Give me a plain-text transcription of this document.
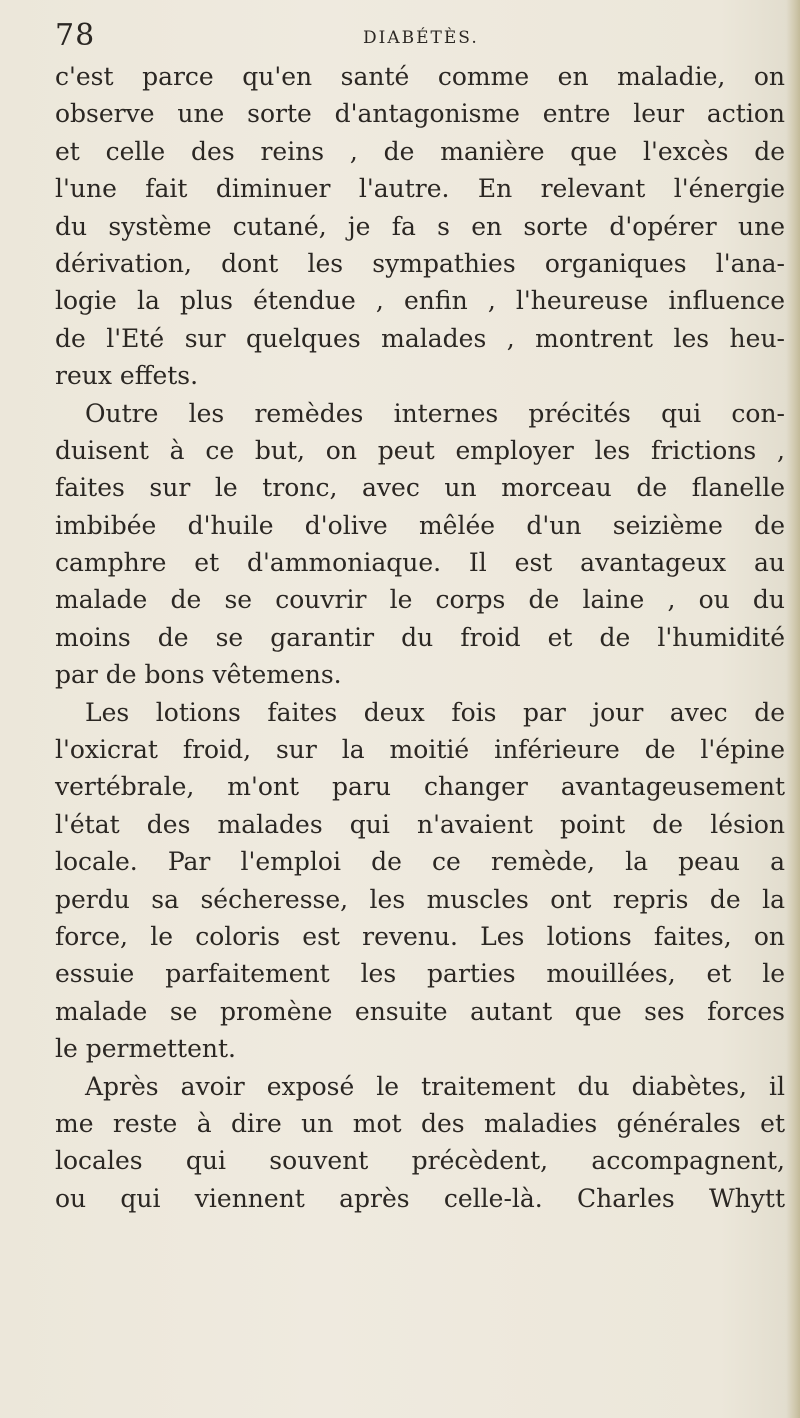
78	DIABÉTÈS.
c'est parce qu'en santé comme en maladie, on
observe une sorte d'antagonisme entre leur action
et celle des reins , de manière que l'excès de
l'une fait diminuer l'autre. En relevant l'énergie
du système cutané, je fa s en sorte d'opérer une
dérivation, dont les sympathies organiques l'ana-
logie la plus étendue , enfin , l'heureuse influence
de l'Eté sur quelques malades , montrent les heu-
reux effets.
Outre les remèdes internes précités qui con-
duisent à ce but, on peut employer les frictions ,
faites sur le tronc, avec un morceau de flanelle
imbibée d'huile d'olive mêlée d'un seizième de
camphre et d'ammoniaque. Il est avantageux au
malade de se couvrir le corps de laine , ou du
moins de se garantir du froid et de l'humidité
par de bons vêtemens.
Les lotions faites deux fois par jour avec de
l'oxicrat froid, sur la moitié inférieure de l'épine
vertébrale, m'ont paru changer avantageusement
l'état des malades qui n'avaient point de lésion
locale. Par l'emploi de ce remède, la peau a
perdu sa sécheresse, les muscles ont repris de la
force, le coloris est revenu. Les lotions faites, on
essuie parfaitement les parties mouillées, et le
malade se promène ensuite autant que ses forces
le permettent.
Après avoir exposé le traitement du diabètes, il
me reste à dire un mot des maladies générales et
locales qui souvent précèdent, accompagnent,
ou qui viennent après celle-là. Charles Whytt
